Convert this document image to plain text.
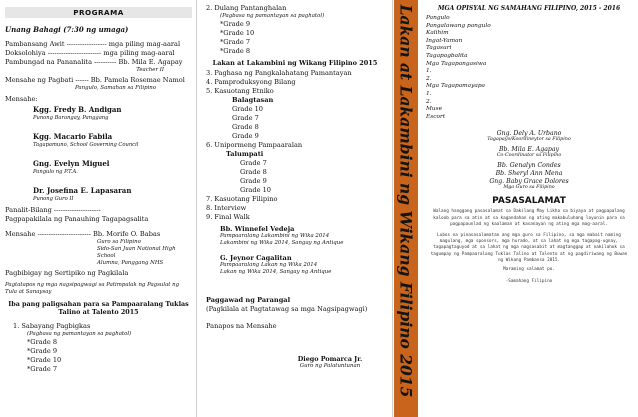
PROGRAMA
Unang Bahagi (7:30 ng umaga)
Pambansang Awit ------------------ mga piling mag-aaral
Doksolohiya ------------------------ mga piling mag-aaral
Pambungad na Pananalita ---------- Bb. Mila E. Agapay
Teacher II
Mensahe ng Pagbati ------ Bb. Pamela Rosemae Namol
Pangulo, Samahan sa Filipino
Mensahe:
Kgg. Fredy B. Andigan
Punong Barangay, Panggang
Kgg. Macario Fabila
Tagapamuno, School Governing Council
Gng. Evelyn Miguel
Pangulo ng P.T.A.
Dr. Josefina E. Lapasaran
Punong Guro II
Panalit-Bilang ---------------------
Pagpapakilala ng Panauhing Tagapagsalita
Mensahe ------------------------ Bb. Morife O. Babas
Guro sa Filipino
Sido-San Juan National High School
Alumna, Panggang NHS
Pagbibigay ng Sertipiko ng Pagkilala
Pagtatapos ng mga nagsipagwagi sa Patimpalak ng Pagsulat ng Tula at Sanaysay
Iba pang paligsahan para sa Pampaaralang Tuklas Talino at Talento 2015
1. Sabayang Pagbigkas
(Pagbasa ng pamantayan sa paghatol)
*Grade 8
*Grade 9
*Grade 10
*Grade 7
2. Dulang Pantanghalan
(Pagbasa ng pamantayan sa paghatol)
*Grade 9
*Grade 10
*Grade 7
*Grade 8
Lakan at Lakambini ng Wikang Filipino 2015
3. Paghasa ng Pangkalahatang Pamantayan
4. Pamproduksyong Bilang
5. Kasuotang Etniko
Balagtasan
Grade 10
Grade 7
Grade 8
Grade 9
6. Unipormeng Pampaaralan
Talumpati
Grade 7
Grade 8
Grade 9
Grade 10
7. Kasuotang Filipino
8. Interview
9. Final Walk
Bb. Winnefel Vedeja
Pampaaralang Lakambini ng Wika 2014
Lakambini ng Wika 2014, Sangay ng Antique
G. Jeynor Cagalitan
Pampaaralang Lakan ng Wika 2014
Lakan ng Wika 2014, Sangay ng Antique
Paggawad ng Parangal
(Pagkilala at Pagtatawag sa mga Nagsipagwagi)
Panapos na Mensahe
Diego Pomarca Jr.
Guro ng Palatuntunan	Lakan at Lakambini ng Wikang Filipino 2015	MGA OPISYAL NG SAMAHANG FILIPINO, 2015 - 2016
Pangulo
Pangalawang pangulo
Kalihim
Ingat-Yaman
Tagasuri
Tagapagbalita
Mga Tagapangasiwa
1.
2.
Mga Tagapamayapa
1.
2.
Muse
Escort
Gng. Dely A. Urbano
Tagapayo/Koordineytor sa Filipino
Bb. Mila E. Agapay
Co-Coordinator sa Filipino
Bb. Genalyn Condes
Bb. Sheryl Ann Mena
Gng. Baby Grace Dolores
Mga Guro sa Filipino
PASASALAMAT
Walang hanggang pasasalamat sa Dakilang May Likha sa biyaya at pagpapalang kaloob para sa atin at sa kagandahan ng ating makabuluhang layunin para sa pagpapaunlad ng kaalaman at kasanayan ng ating mga mag-aaral.
Lubos na pinasasalamatan ang mga guro sa Filipino, sa mga mabait naming magulang, mga sponsors, mga hurado, at sa lahat ng mga tagapag-ugnay, tagapagtaguyod at sa lahat ng mga nagsasabit at magtanggap at nakilahok sa tagumpay ng Pampaaralang Tuklas Talino at Talento at ng pagdiriwang ng Buwan ng Wikang Pambansa 2015.
Maraming salamat po.
-Samahang Filipino
